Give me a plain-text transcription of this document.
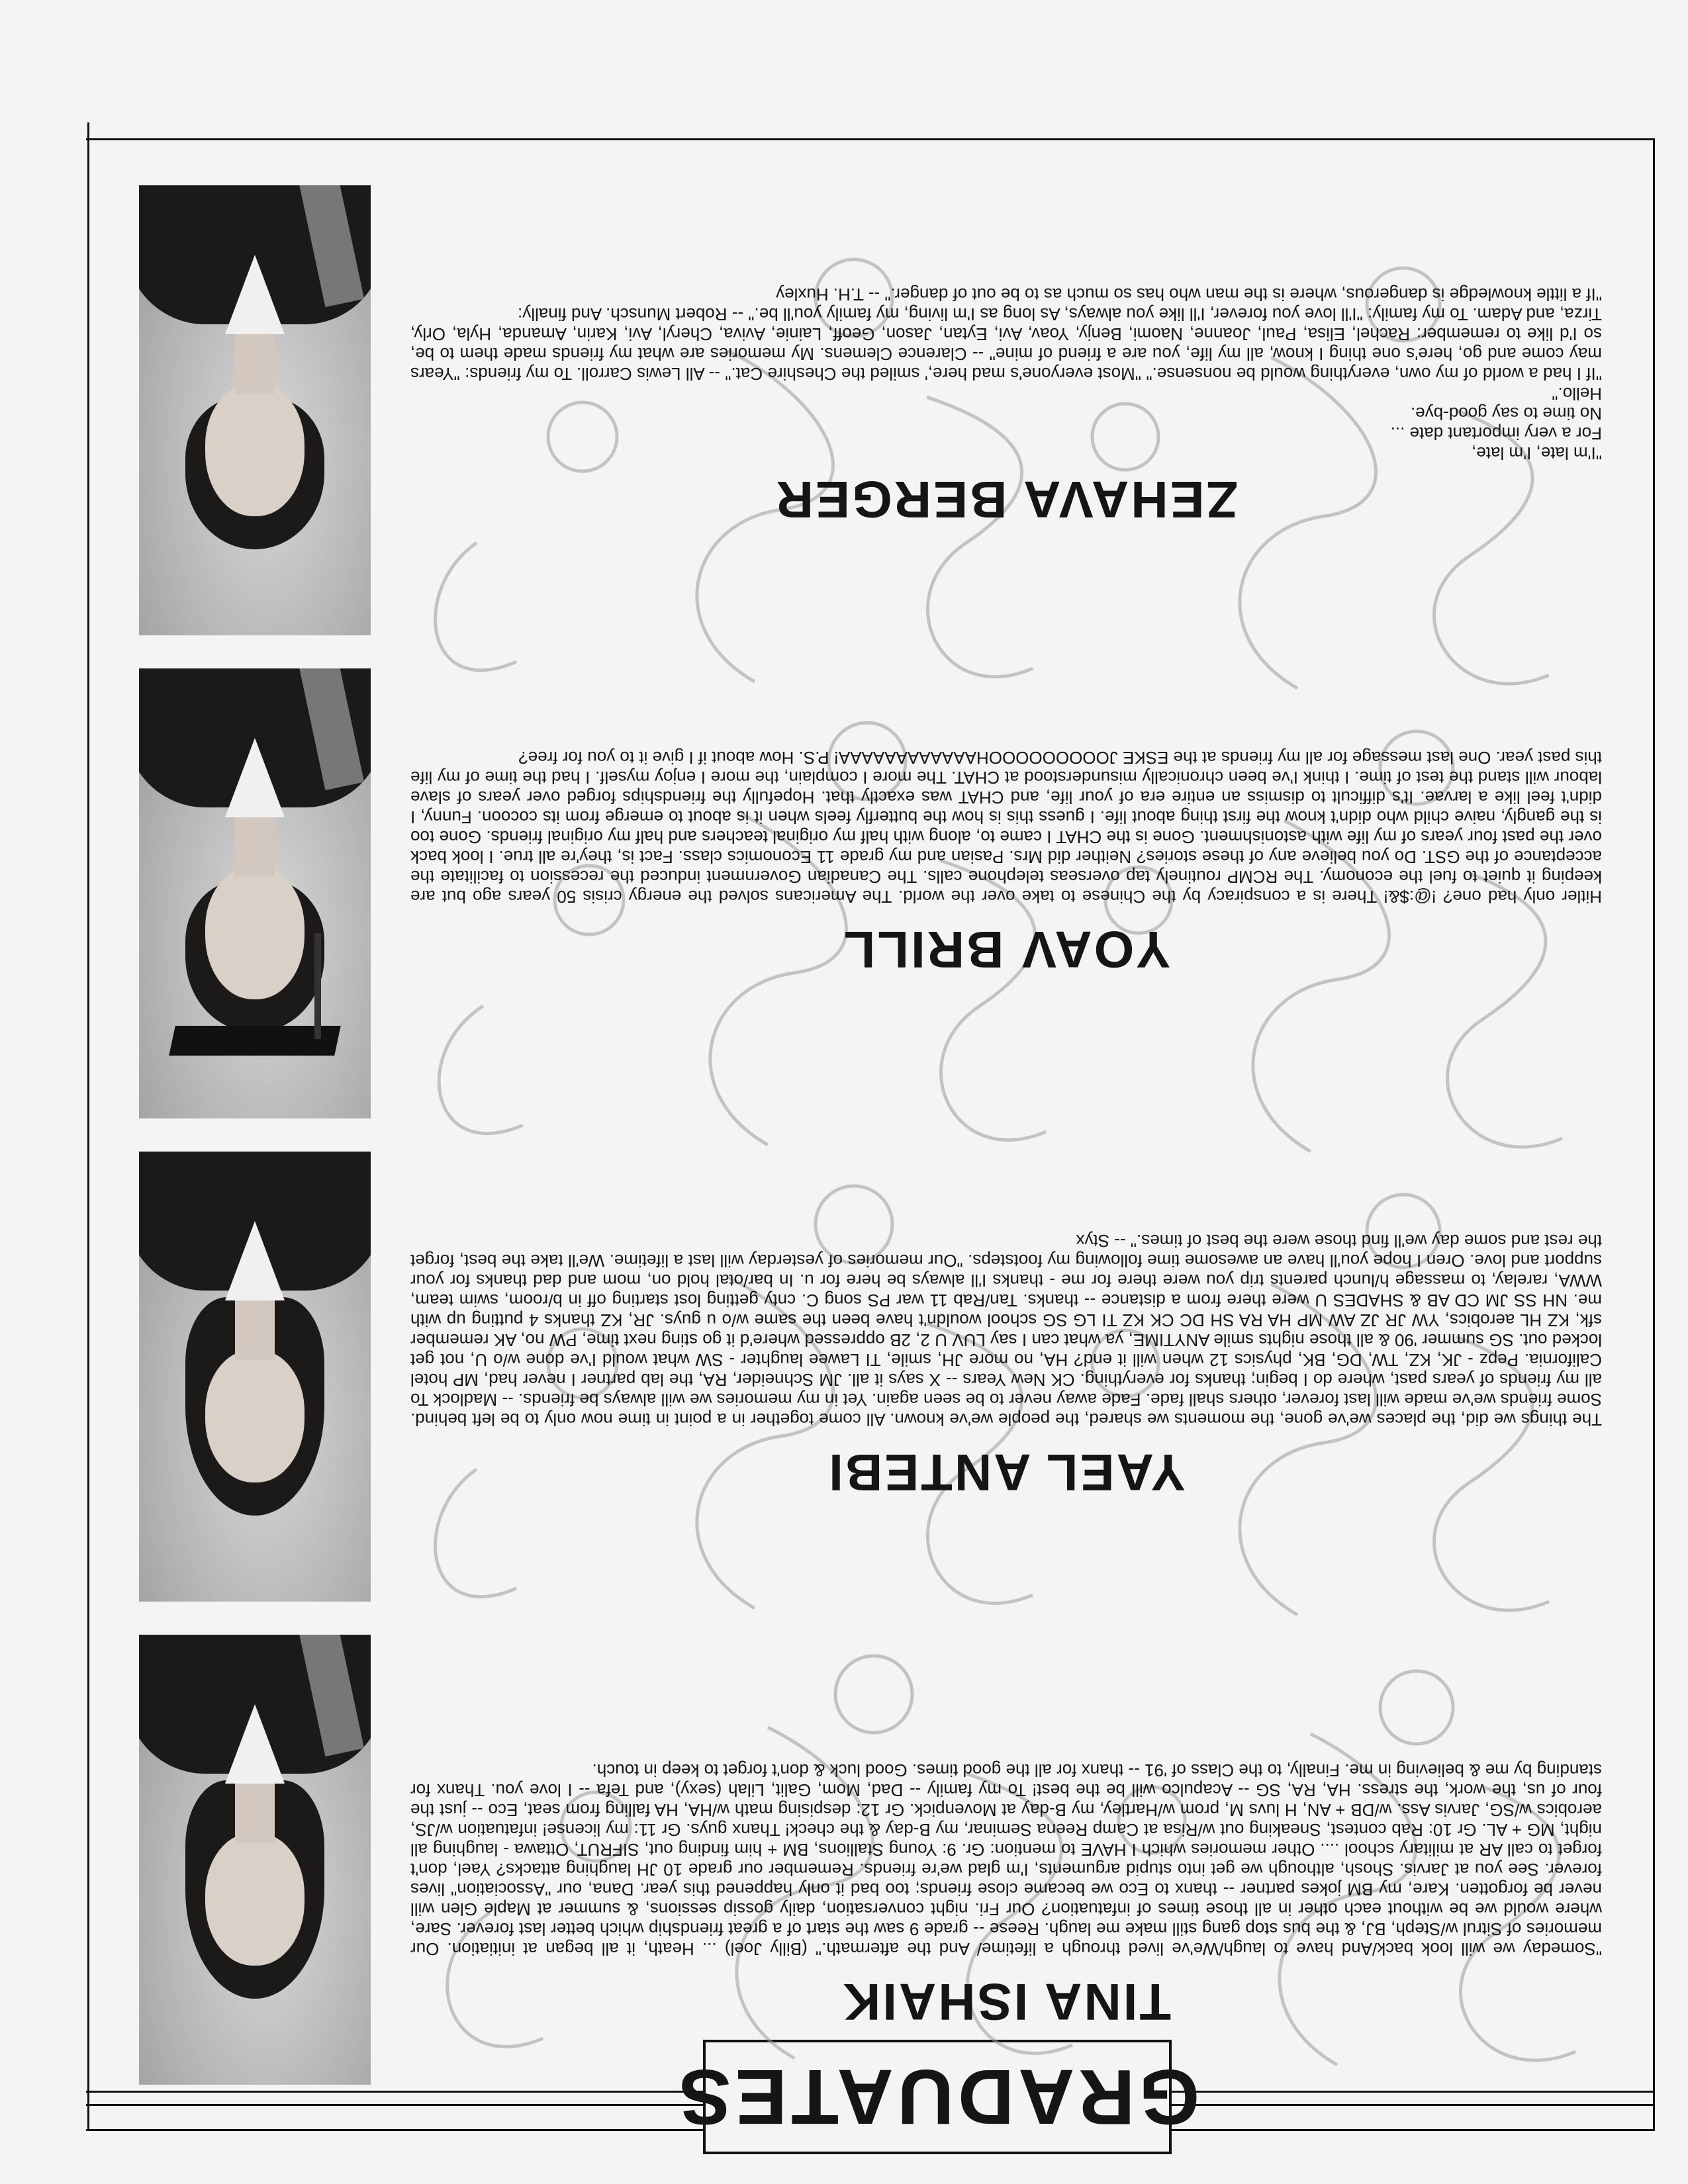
GRADUATES
TINA ISHAIK

"Someday we will look back/And have to laugh/We've lived through a lifetime/ And the aftermath." (Billy Joel) ... Heath, it all began at initiation. Our memories of Sitrul w/Steph, BJ, & the bus stop gang still make me laugh. Reese -- grade 9 saw the start of a great friendship which better last forever. Sare, where would we be without each other in all those times of infatuation? Our Fri. night conversation, daily gossip sessions, & summer at Maple Glen will never be forgotten. Kare, my BM jokes partner -- thanx to Eco we became close friends; too bad it only happened this year. Dana, our "Association" lives forever. See you at Jarvis. Shosh, although we get into stupid arguments, I'm glad we're friends. Remember our grade 10 JH laughing attacks? Yael, don't forget to call AR at military school .... Other memories which I HAVE to mention: Gr. 9: Young Stallions, BM + him finding out, SIFRUT, Ottawa - laughing all night, MG + AL. Gr 10: Rab contest, Sneaking out w/Risa at Camp Reena Seminar, my B-day & the check! Thanx guys. Gr 11: my license! infatuation w/JS, aerobics w/SG, Jarvis Ass. w/DB + AN, H luvs M, prom w/Hartley, my B-day at Movenpick. Gr 12: despising math w/HA, HA falling from seat, Eco -- just the four of us, the work, the stress. HA, RA, SG -- Acapulco will be the best! To my family -- Dad, Mom, Galit, Lilah (sexy), and Tefa -- I love you. Thanx for standing by me & believing in me. Finally, to the Class of '91 -- thanx for all the good times. Good luck & don't forget to keep in touch.

YAEL ANTEBI

The things we did, the places we've gone, the moments we shared, the people we've known. All come together in a point in time now only to be left behind. Some friends we've made will last forever, others shall fade. Fade away never to be seen again. Yet in my memories we will always be friends. -- Madlock To all my friends of years past, where do I begin; thanks for everything. CK New Years -- X says it all. JM Schneider, RA, the lab partner I never had, MP hotel California. Pepz - JK, KZ, TW, DG, BK, physics 12 when will it end? HA, no more JH, smile, TI Lawee laughter - SW what would I've done w/o U, not get locked out. SG summer '90 & all those nights smile ANYTIME, ya what can I say LUV U 2, 2B oppressed where'd it go sting next time, PW no, AK remember sfk, KZ HL aerobics, YW JR JZ AW MP HA RA SH DC CK KZ TI LG SG school wouldn't have been the same w/o u guys. JR, KZ thanks 4 putting up with me. NH SS JM CD AB & SHADES U were there from a distance -- thanks. Tan/Rab 11 war PS song C. cnty getting lost starting off in b/room, swim team, WWA, rarelay, to massage h/lunch parents trip you were there for me - thanks I'll always be here for u. In bar/otal hold on, mom and dad thanks for your support and love. Oren I hope you'll have an awesome time following my footsteps. "Our memories of yesterday will last a lifetime. We'll take the best, forget the rest and some day we'll find those were the best of times." -- Styx

YOAV BRILL

Hitler only had one? !@:$&! There is a conspiracy by the Chinese to take over the world. The Americans solved the energy crisis 50 years ago but are keeping it quiet to fuel the economy. The RCMP routinely tap overseas telephone calls. The Canadian Government induced the recession to facilitate the acceptance of the GST. Do you believe any of these stories? Neither did Mrs. Pasian and my grade 11 Economics class. Fact is, they're all true. I look back over the past four years of my life with astonishment. Gone is the CHAT I came to, along with half my original teachers and half my original friends. Gone too is the gangly, naive child who didn't know the first thing about life. I guess this is how the butterfly feels when it is about to emerge from its cocoon. Funny, I didn't feel like a larvae. It's difficult to dismiss an entire era of your life, and CHAT was exactly that. Hopefully the friendships forged over years of slave labour will stand the test of time. I think I've been chronically misunderstood at CHAT. The more I complain, the more I enjoy myself. I had the time of my life this past year. One last message for all my friends at the ESKE JOOOOOOOOOHAAAAAAAAAAAA! P.S. How about if I give it to you for free?

ZEHAVA BERGER

"I'm late, I'm late,

For a very important date ...

No time to say good-bye.

Hello."

"If I had a world of my own, everything would be nonsense." "Most everyone's mad here,' smiled the Cheshire Cat." -- All Lewis Carroll. To my friends: "Years may come and go, here's one thing I know, all my life, you are a friend of mine" -- Clarence Clemens. My memories are what my friends made them to be, so I'd like to remember: Rachel, Elisa, Paul, Joanne, Naomi, Benjy, Yoav, Avi, Eytan, Jason, Geoff, Lainie, Aviva, Cheryl, Avi, Karin, Amanda, Hyla, Orly, Tirza, and Adam. To my family: "I'll love you forever, I'll like you always, As long as I'm living, my family you'll be." -- Robert Munsch. And finally:

"If a little knowledge is dangerous, where is the man who has so much as to be out of danger." -- T.H. Huxley
